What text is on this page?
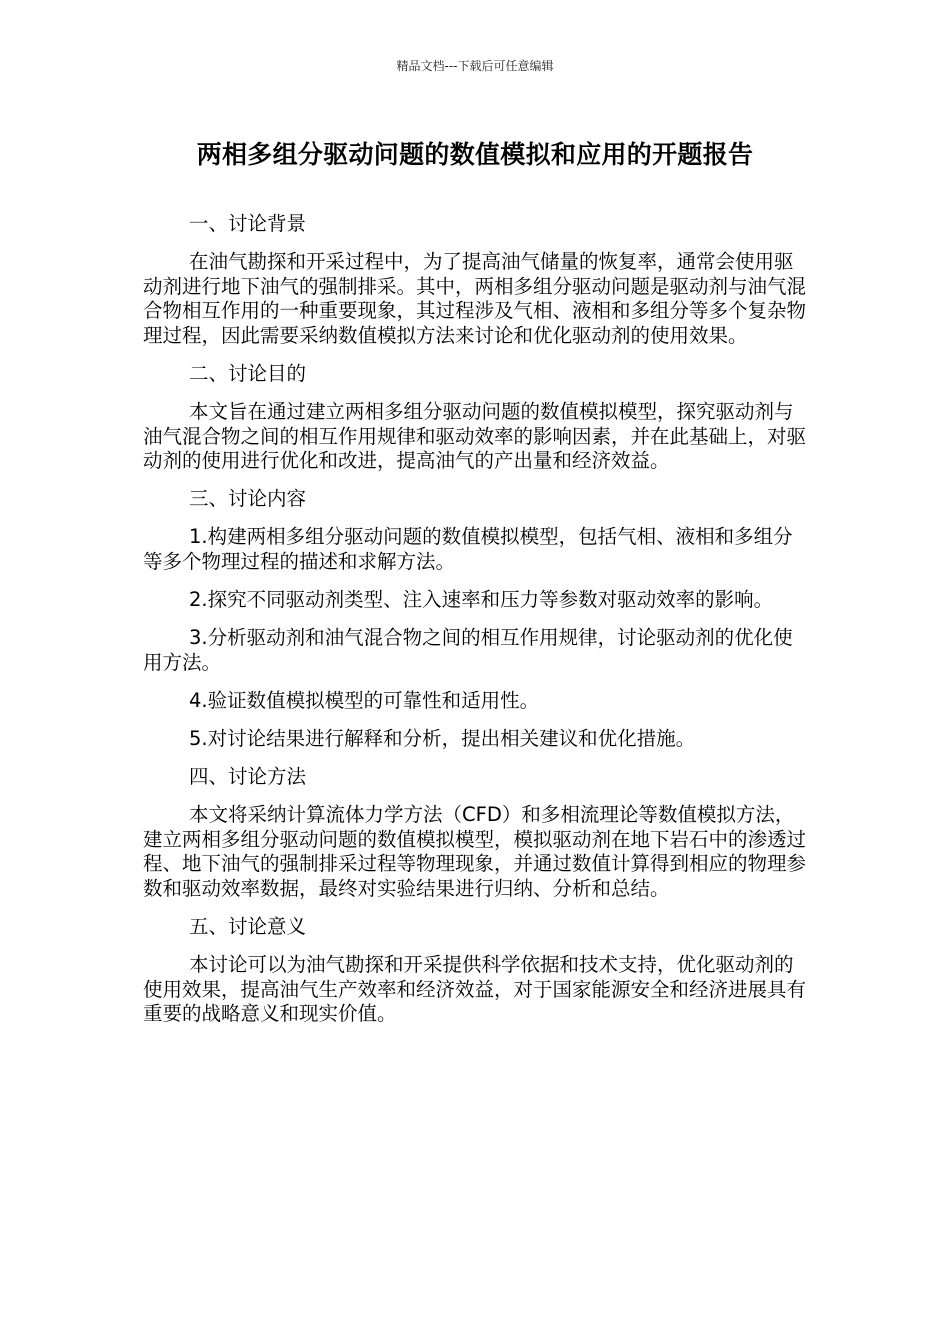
精品文档---下载后可任意编辑
两相多组分驱动问题的数值模拟和应用的开题报告

一、讨论背景

在油气勘探和开采过程中，为了提高油气储量的恢复率，通常会使用驱动剂进行地下油气的强制排采。其中，两相多组分驱动问题是驱动剂与油气混合物相互作用的一种重要现象，其过程涉及气相、液相和多组分等多个复杂物理过程，因此需要采纳数值模拟方法来讨论和优化驱动剂的使用效果。

二、讨论目的

本文旨在通过建立两相多组分驱动问题的数值模拟模型，探究驱动剂与油气混合物之间的相互作用规律和驱动效率的影响因素，并在此基础上，对驱动剂的使用进行优化和改进，提高油气的产出量和经济效益。

三、讨论内容

1.构建两相多组分驱动问题的数值模拟模型，包括气相、液相和多组分等多个物理过程的描述和求解方法。

2.探究不同驱动剂类型、注入速率和压力等参数对驱动效率的影响。

3.分析驱动剂和油气混合物之间的相互作用规律，讨论驱动剂的优化使用方法。

4.验证数值模拟模型的可靠性和适用性。

5.对讨论结果进行解释和分析，提出相关建议和优化措施。

四、讨论方法

本文将采纳计算流体力学方法（CFD）和多相流理论等数值模拟方法，建立两相多组分驱动问题的数值模拟模型，模拟驱动剂在地下岩石中的渗透过程、地下油气的强制排采过程等物理现象，并通过数值计算得到相应的物理参数和驱动效率数据，最终对实验结果进行归纳、分析和总结。

五、讨论意义

本讨论可以为油气勘探和开采提供科学依据和技术支持，优化驱动剂的使用效果，提高油气生产效率和经济效益，对于国家能源安全和经济进展具有重要的战略意义和现实价值。
